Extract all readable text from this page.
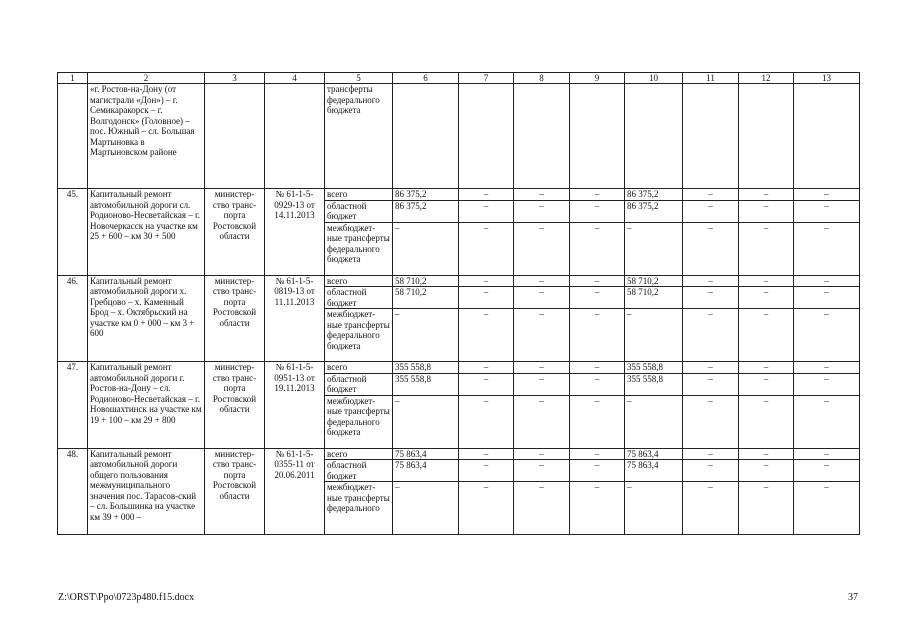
1	2	3	4	5	6	7	8	9	10	11	12	13
	«г. Ростов-на-Дону (от магистрали «Дон») – г. Семикаракорск – г. Волгодонск» (Головное) – пос. Южный – сл. Большая Мартыновка в Мартыновском районе			трансферты федерального бюджета								
45.	Капитальный ремонт автомобильной дороги сл. Родионово-Несветайская – г. Новочеркасск на участке км 25 + 600 – км 30 + 500	министер-ство транс-порта Ростовской области	№ 61-1-5-0929-13 от 14.11.2013	всего	86 375,2	–	–	–	86 375,2	–	–	–
				областной бюджет	86 375,2	–	–	–	86 375,2	–	–	–
				межбюджет-ные трансферты федерального бюджета	–	–	–	–	–	–	–	–
46.	Капитальный ремонт автомобильной дороги х. Гребцово – х. Каменный Брод – х. Октябрьский на участке км 0 + 000 – км 3 + 600	министер-ство транс-порта Ростовской области	№ 61-1-5-0819-13 от 11.11.2013	всего	58 710,2	–	–	–	58 710,2	–	–	–
				областной бюджет	58 710,2	–	–	–	58 710,2	–	–	–
				межбюджет-ные трансферты федерального бюджета	–	–	–	–	–	–	–	–
47.	Капитальный ремонт автомобильной дороги г. Ростов-на-Дону – сл. Родионово-Несветайская – г. Новошахтинск на участке км 19 + 100 – км 29 + 800	министер-ство транс-порта Ростовской области	№ 61-1-5-0951-13 от 19.11.2013	всего	355 558,8	–	–	–	355 558,8	–	–	–
				областной бюджет	355 558,8	–	–	–	355 558,8	–	–	–
				межбюджет-ные трансферты федерального бюджета	–	–	–	–	–	–	–	–
48.	Капитальный ремонт автомобильной дороги общего пользования межмуниципального значения пос. Тарасов-ский – сл. Большинка на участке км 39 + 000 –	министер-ство транс-порта Ростовской области	№ 61-1-5-0355-11 от 20.06.2011	всего	75 863,4	–	–	–	75 863,4	–	–	–
				областной бюджет	75 863,4	–	–	–	75 863,4	–	–	–
				межбюджет-ные трансферты федерального	–	–	–	–	–	–	–	–
Z:\ORST\Ppo\0723p480.f15.docx	37
